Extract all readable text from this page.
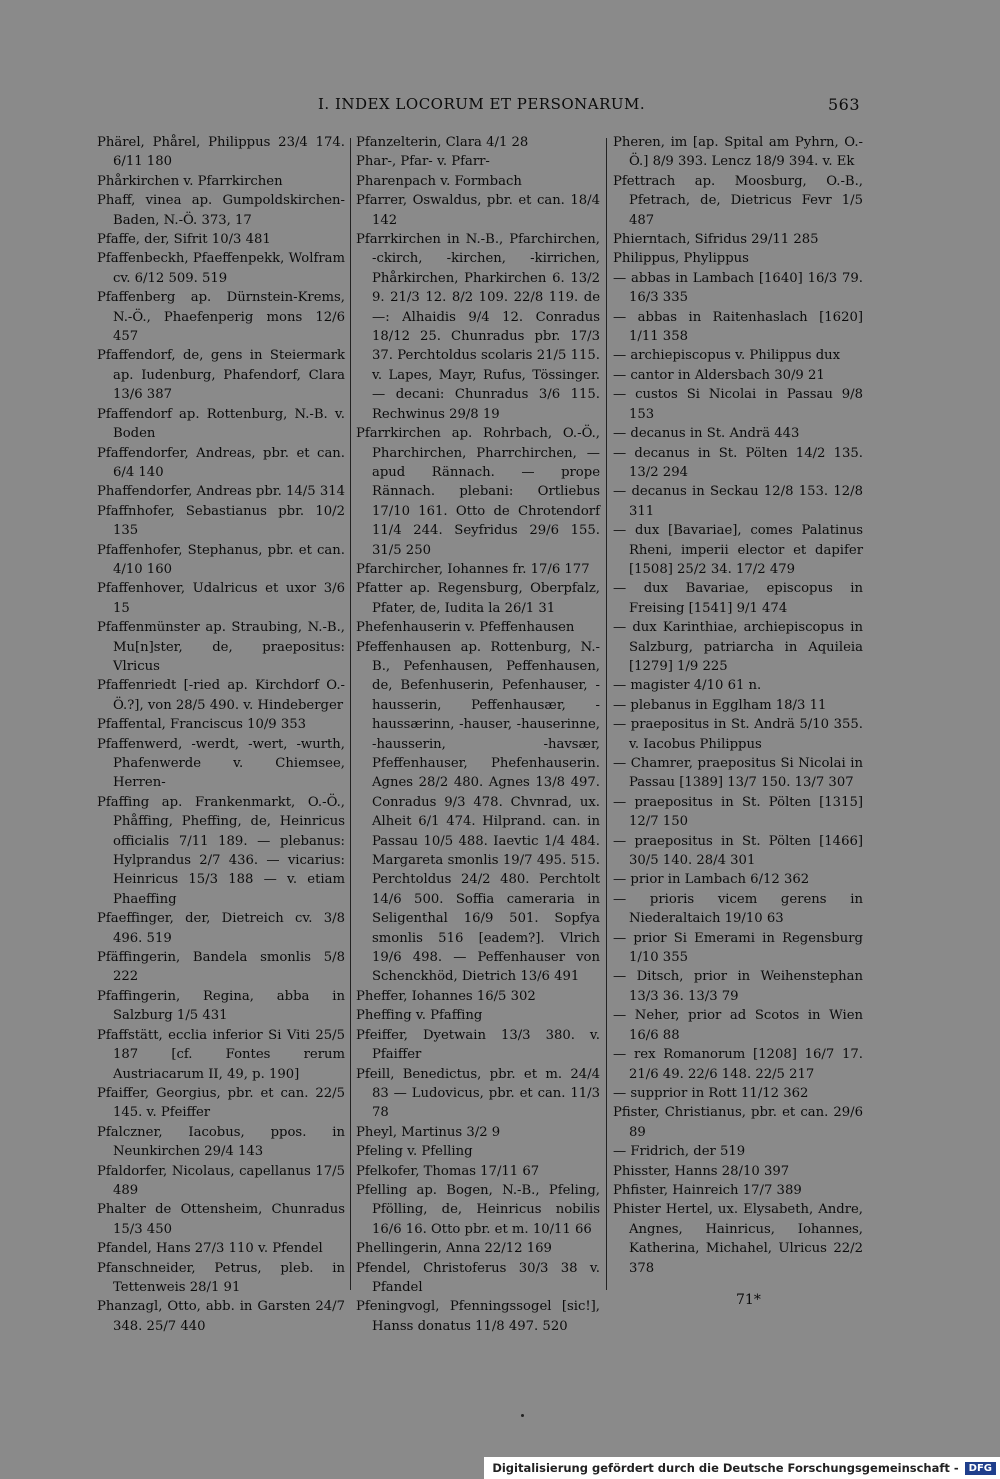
I. INDEX LOCORUM ET PERSONARUM.	563

Phärel, Phårel, Philippus 23/4 174. 6/11 180

Phårkirchen v. Pfarrkirchen

Phaff, vinea ap. Gumpoldskirchen-Baden, N.-Ö. 373, 17

Pfaffe, der, Sifrit 10/3 481

Pfaffenbeckh, Pfaeffenpekk, Wolfram cv. 6/12 509. 519

Pfaffenberg ap. Dürnstein-Krems, N.-Ö., Phaefenperig mons 12/6 457

Pfaffendorf, de, gens in Steiermark ap. Iudenburg, Phafendorf, Clara 13/6 387

Pfaffendorf ap. Rottenburg, N.-B. v. Boden

Pfaffendorfer, Andreas, pbr. et can. 6/4 140

Phaffendorfer, Andreas pbr. 14/5 314

Pfaffnhofer, Sebastianus pbr. 10/2 135

Pfaffenhofer, Stephanus, pbr. et can. 4/10 160

Pfaffenhover, Udalricus et uxor 3/6 15

Pfaffenmünster ap. Straubing, N.-B., Mu[n]ster, de, praepositus: Vlricus

Pfaffenriedt [-ried ap. Kirchdorf O.-Ö.?], von 28/5 490. v. Hindeberger

Pfaffental, Franciscus 10/9 353

Pfaffenwerd, -werdt, -wert, -wurth, Phafenwerde v. Chiemsee, Herren-

Pfaffing ap. Frankenmarkt, O.-Ö., Phåffing, Pheffing, de, Heinricus officialis 7/11 189. — plebanus: Hylprandus 2/7 436. — vicarius: Heinricus 15/3 188 — v. etiam Phaeffing

Pfaeffinger, der, Dietreich cv. 3/8 496. 519

Pfäffingerin, Bandela smonlis 5/8 222

Pfaffingerin, Regina, abba in Salzburg 1/5 431

Pfaffstätt, ecclia inferior Si Viti 25/5 187 [cf. Fontes rerum Austriacarum II, 49, p. 190]

Pfaiffer, Georgius, pbr. et can. 22/5 145. v. Pfeiffer

Pfalczner, Iacobus, ppos. in Neunkirchen 29/4 143

Pfaldorfer, Nicolaus, capellanus 17/5 489

Phalter de Ottensheim, Chunradus 15/3 450

Pfandel, Hans 27/3 110 v. Pfendel

Pfanschneider, Petrus, pleb. in Tettenweis 28/1 91

Phanzagl, Otto, abb. in Garsten 24/7 348. 25/7 440

Pfanzelterin, Clara 4/1 28

Phar-, Pfar- v. Pfarr-

Pharenpach v. Formbach

Pfarrer, Oswaldus, pbr. et can. 18/4 142

Pfarrkirchen in N.-B., Pfarchirchen, -ckirch, -kirchen, -kirrichen, Phårkirchen, Pharkirchen 6. 13/2 9. 21/3 12. 8/2 109. 22/8 119. de —: Alhaidis 9/4 12. Conradus 18/12 25. Chunradus pbr. 17/3 37. Perchtoldus scolaris 21/5 115. v. Lapes, Mayr, Rufus, Tössinger. — decani: Chunradus 3/6 115. Rechwinus 29/8 19

Pfarrkirchen ap. Rohrbach, O.-Ö., Pharchirchen, Pharrchirchen, — apud Rännach. — prope Rännach. plebani: Ortliebus 17/10 161. Otto de Chrotendorf 11/4 244. Seyfridus 29/6 155. 31/5 250

Pfarchircher, Iohannes fr. 17/6 177

Pfatter ap. Regensburg, Oberpfalz, Pfater, de, Iudita la 26/1 31

Phefenhauserin v. Pfeffenhausen

Pfeffenhausen ap. Rottenburg, N.-B., Pefenhausen, Peffenhausen, de, Befenhuserin, Pefenhauser, -hausserin, Peffenhausær, -haussærinn, -hauser, -hauserinne, -hausserin, -havsær, Pfeffenhauser, Phefenhauserin. Agnes 28/2 480. Agnes 13/8 497. Conradus 9/3 478. Chvnrad, ux. Alheit 6/1 474. Hilprand. can. in Passau 10/5 488. Iaevtic 1/4 484. Margareta smonlis 19/7 495. 515. Perchtoldus 24/2 480. Perchtolt 14/6 500. Soffia cameraria in Seligenthal 16/9 501. Sopfya smonlis 516 [eadem?]. Vlrich 19/6 498. — Peffenhauser von Schenckhöd, Dietrich 13/6 491

Pheffer, Iohannes 16/5 302

Pheffing v. Pfaffing

Pfeiffer, Dyetwain 13/3 380. v. Pfaiffer

Pfeill, Benedictus, pbr. et m. 24/4 83 — Ludovicus, pbr. et can. 11/3 78

Pheyl, Martinus 3/2 9

Pfeling v. Pfelling

Pfelkofer, Thomas 17/11 67

Pfelling ap. Bogen, N.-B., Pfeling, Pfölling, de, Heinricus nobilis 16/6 16. Otto pbr. et m. 10/11 66

Phellingerin, Anna 22/12 169

Pfendel, Christoferus 30/3 38 v. Pfandel

Pfeningvogl, Pfenningssogel [sic!], Hanss donatus 11/8 497. 520

Pheren, im [ap. Spital am Pyhrn, O.-Ö.] 8/9 393. Lencz 18/9 394. v. Ek

Pfettrach ap. Moosburg, O.-B., Pfetrach, de, Dietricus Fevr 1/5 487

Phierntach, Sifridus 29/11 285

Philippus, Phylippus

— abbas in Lambach [1640] 16/3 79. 16/3 335

— abbas in Raitenhaslach [1620] 1/11 358

— archiepiscopus v. Philippus dux

— cantor in Aldersbach 30/9 21

— custos Si Nicolai in Passau 9/8 153

— decanus in St. Andrä 443

— decanus in St. Pölten 14/2 135. 13/2 294

— decanus in Seckau 12/8 153. 12/8 311

— dux [Bavariae], comes Palatinus Rheni, imperii elector et dapifer [1508] 25/2 34. 17/2 479

— dux Bavariae, episcopus in Freising [1541] 9/1 474

— dux Karinthiae, archiepiscopus in Salzburg, patriarcha in Aquileia [1279] 1/9 225

— magister 4/10 61 n.

— plebanus in Egglham 18/3 11

— praepositus in St. Andrä 5/10 355. v. Iacobus Philippus

— Chamrer, praepositus Si Nicolai in Passau [1389] 13/7 150. 13/7 307

— praepositus in St. Pölten [1315] 12/7 150

— praepositus in St. Pölten [1466] 30/5 140. 28/4 301

— prior in Lambach 6/12 362

— prioris vicem gerens in Niederaltaich 19/10 63

— prior Si Emerami in Regensburg 1/10 355

— Ditsch, prior in Weihenstephan 13/3 36. 13/3 79

— Neher, prior ad Scotos in Wien 16/6 88

— rex Romanorum [1208] 16/7 17. 21/6 49. 22/6 148. 22/5 217

— supprior in Rott 11/12 362

Pfister, Christianus, pbr. et can. 29/6 89

— Fridrich, der 519

Phisster, Hanns 28/10 397

Phfister, Hainreich 17/7 389

Phister Hertel, ux. Elysabeth, Andre, Angnes, Hainricus, Iohannes, Katherina, Michahel, Ulricus 22/2 378

71*
Digitalisierung gefördert durch die Deutsche Forschungsgemeinschaft -	DFG
